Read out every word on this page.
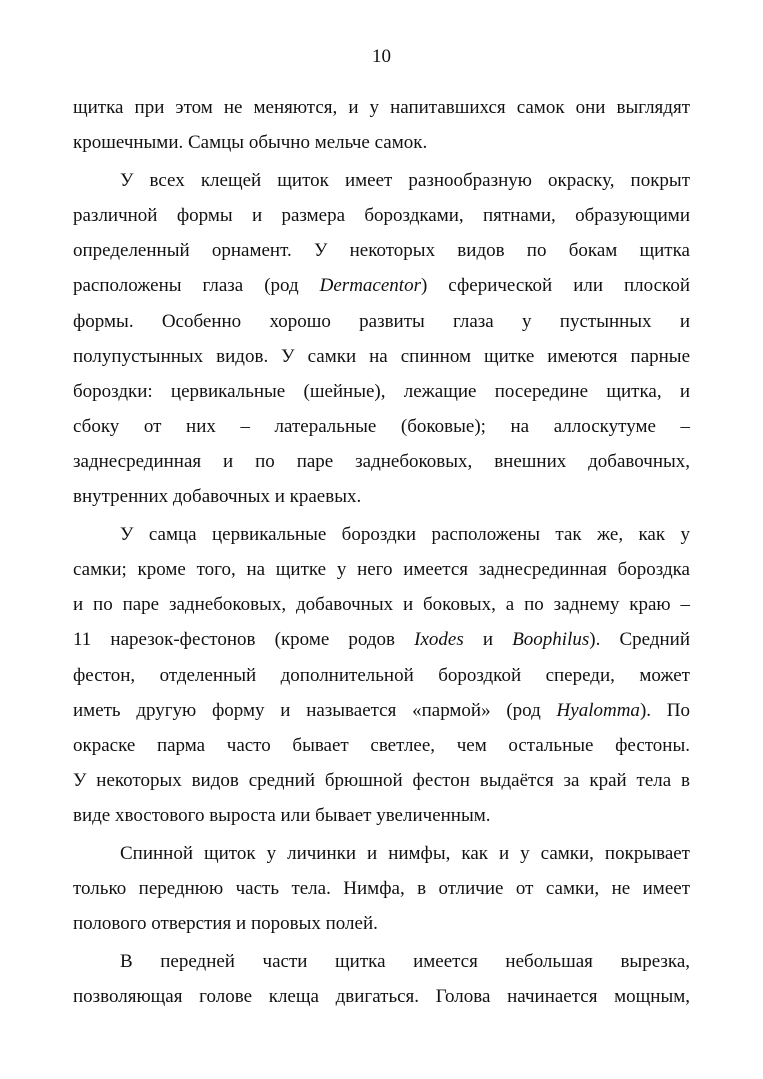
10
щитка при этом не меняются, и у напитавшихся самок они выглядят
крошечными. Самцы обычно мельче самок.
У всех клещей щиток имеет разнообразную окраску, покрыт
различной формы и размера бороздками, пятнами, образующими
определенный орнамент. У некоторых видов по бокам щитка
расположены глаза (род Dermacentor) сферической или плоской
формы. Особенно хорошо развиты глаза у пустынных и
полупустынных видов. У самки на спинном щитке имеются парные
бороздки: цервикальные (шейные), лежащие посередине щитка, и
сбоку от них – латеральные (боковые); на аллоскутуме –
заднесрединная и по паре заднебоковых, внешних добавочных,
внутренних добавочных и краевых.
У самца цервикальные бороздки расположены так же, как у
самки; кроме того, на щитке у него имеется заднесрединная бороздка
и по паре заднебоковых, добавочных и боковых, а по заднему краю –
11 нарезок-фестонов (кроме родов Ixodes и Boophilus). Средний
фестон, отделенный дополнительной бороздкой спереди, может
иметь другую форму и называется «пармой» (род Hyalomma). По
окраске парма часто бывает светлее, чем остальные фестоны.
У некоторых видов средний брюшной фестон выдаётся за край тела в
виде хвостового выроста или бывает увеличенным.
Спинной щиток у личинки и нимфы, как и у самки, покрывает
только переднюю часть тела. Нимфа, в отличие от самки, не имеет
полового отверстия и поровых полей.
В передней части щитка имеется небольшая вырезка,
позволяющая голове клеща двигаться. Голова начинается мощным,
